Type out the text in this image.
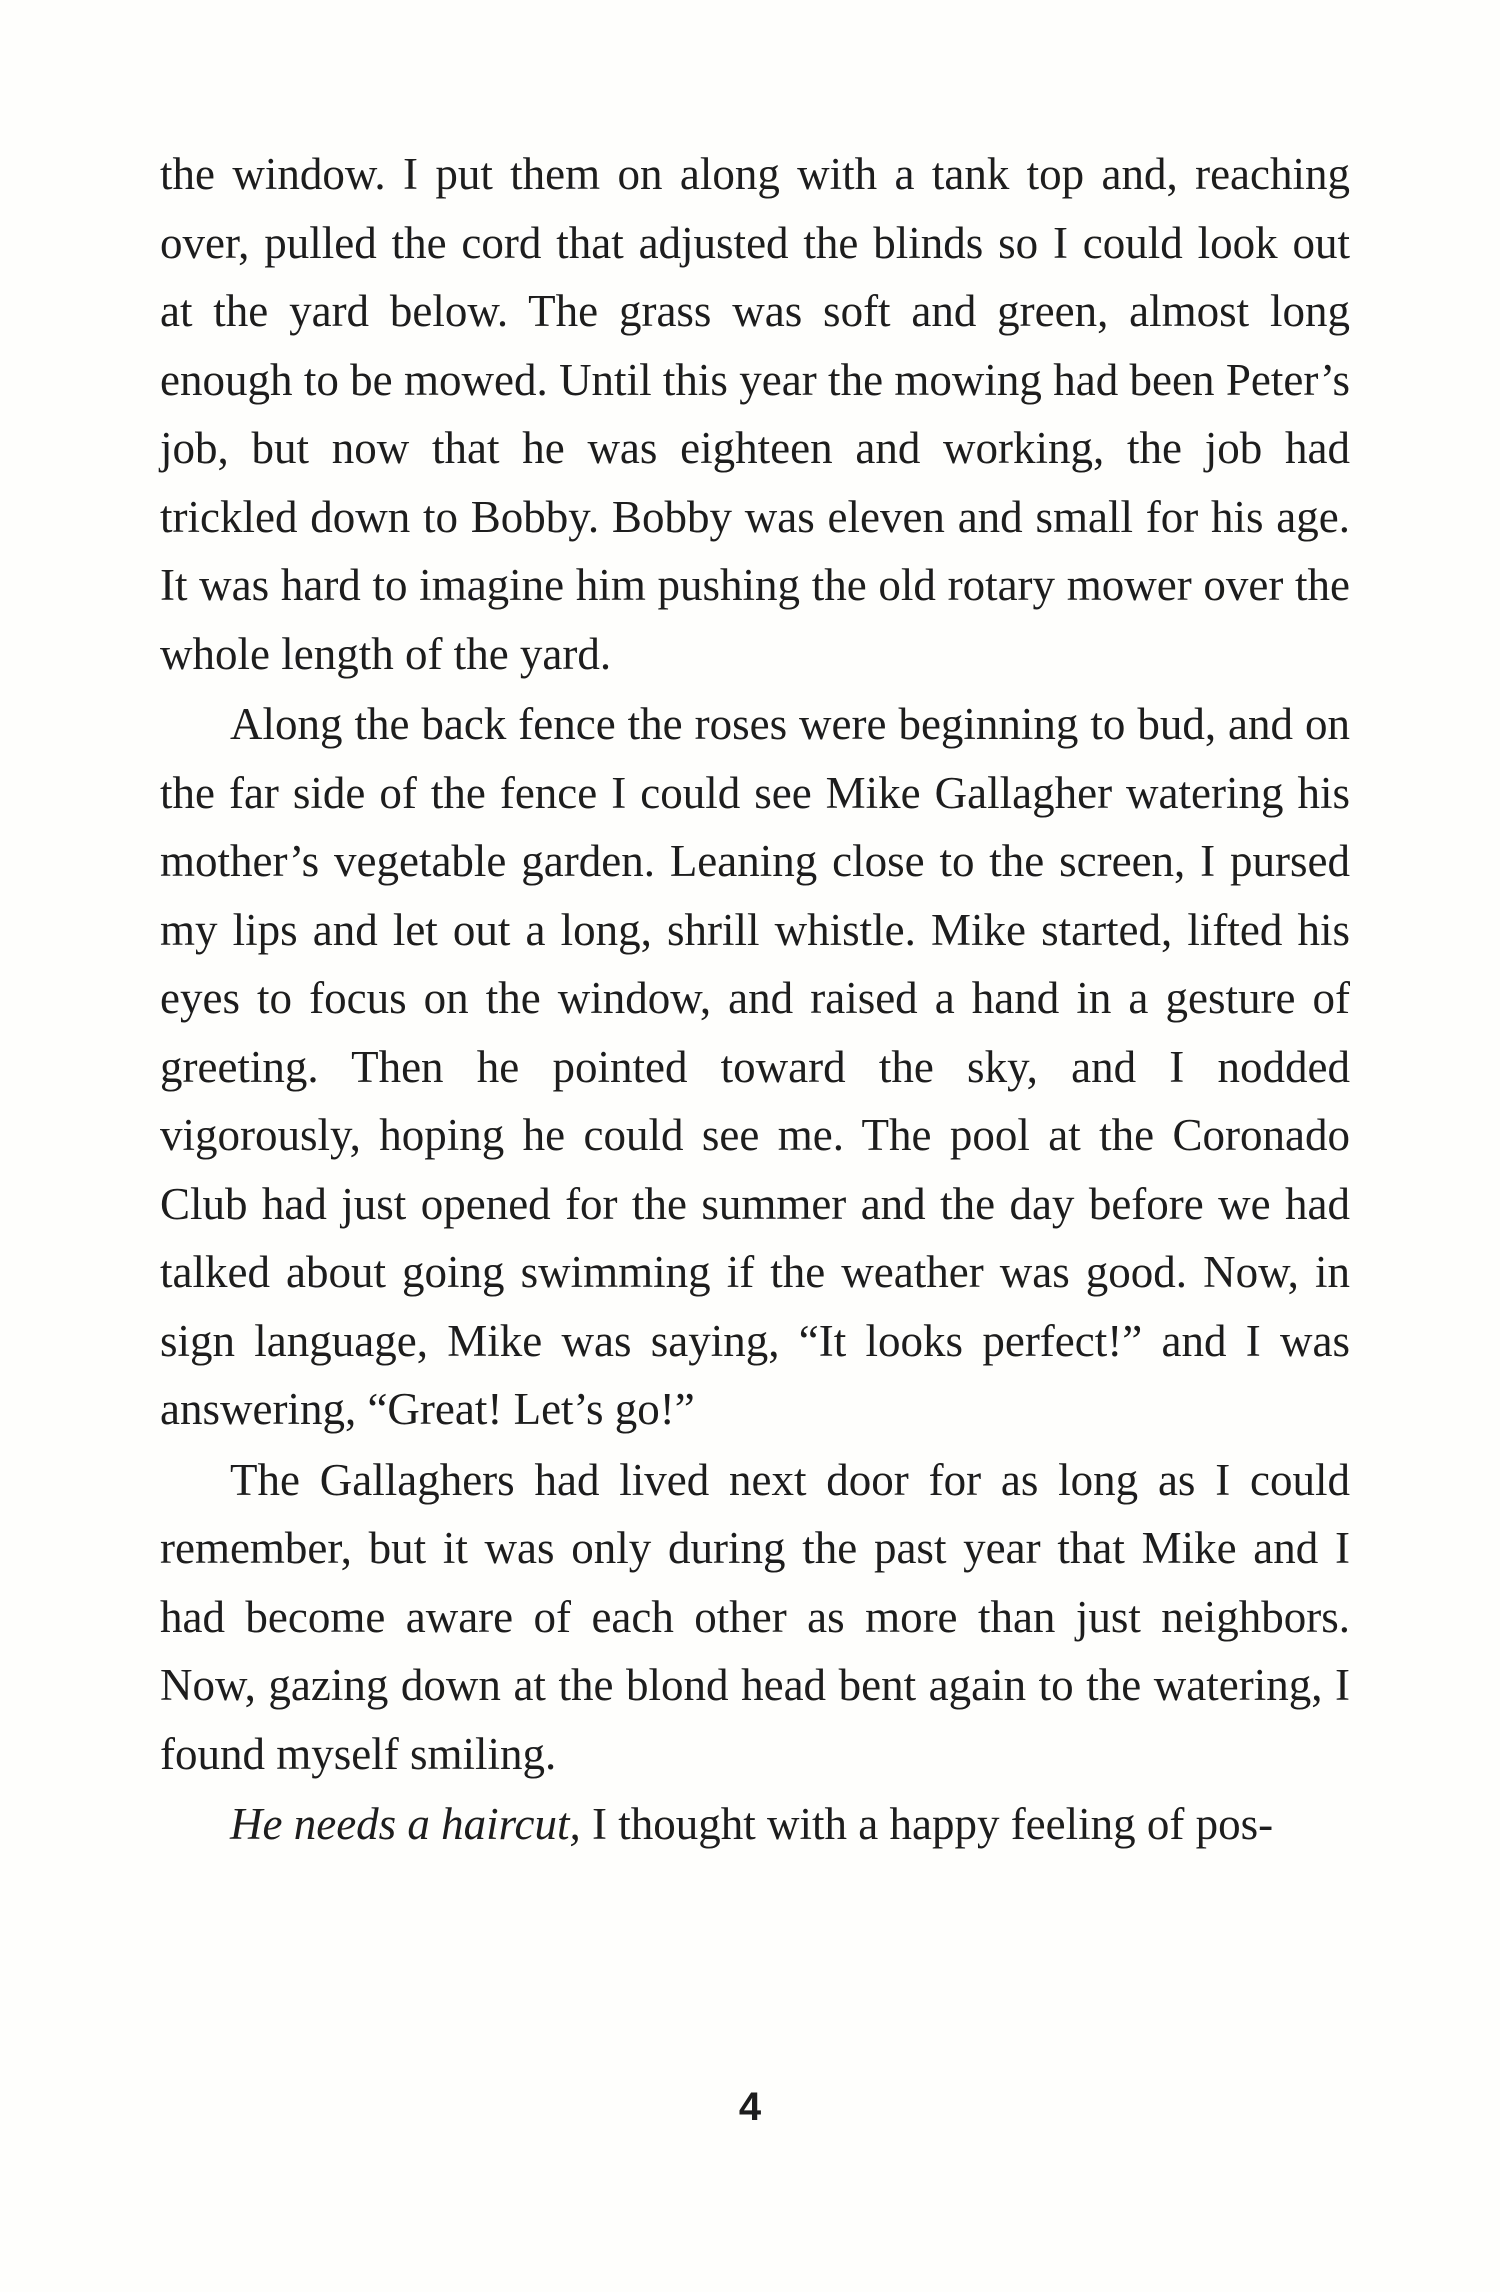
the window. I put them on along with a tank top and, reaching over, pulled the cord that adjusted the blinds so I could look out at the yard below. The grass was soft and green, almost long enough to be mowed. Until this year the mowing had been Peter’s job, but now that he was eighteen and working, the job had trickled down to Bobby. Bobby was eleven and small for his age. It was hard to imagine him pushing the old rotary mower over the whole length of the yard.

Along the back fence the roses were beginning to bud, and on the far side of the fence I could see Mike Gallagher watering his mother’s vegetable garden. Leaning close to the screen, I pursed my lips and let out a long, shrill whistle. Mike started, lifted his eyes to focus on the window, and raised a hand in a gesture of greeting. Then he pointed toward the sky, and I nodded vigorously, hoping he could see me. The pool at the Coronado Club had just opened for the summer and the day before we had talked about going swimming if the weather was good. Now, in sign language, Mike was saying, “It looks perfect!” and I was answering, “Great! Let’s go!”

The Gallaghers had lived next door for as long as I could remember, but it was only during the past year that Mike and I had become aware of each other as more than just neighbors. Now, gazing down at the blond head bent again to the watering, I found myself smiling.

He needs a haircut, I thought with a happy feeling of pos-

4
